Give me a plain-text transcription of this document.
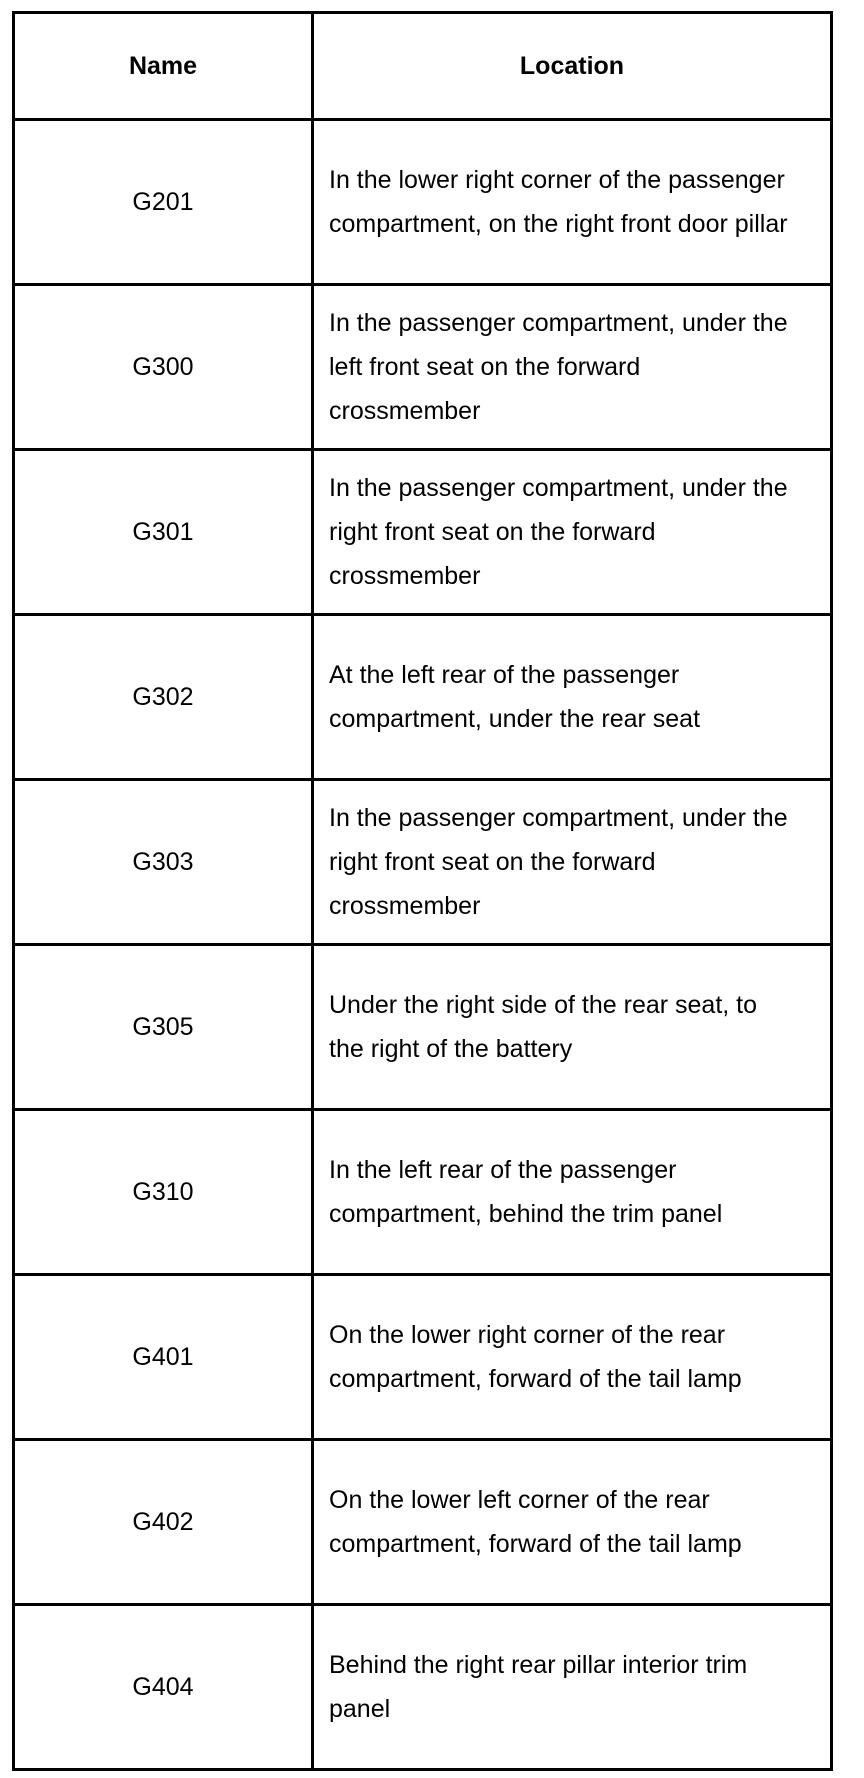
Name	Location
G201	In the lower right corner of the passenger compartment, on the right front door pillar
G300	In the passenger compartment, under the left front seat on the forward crossmember
G301	In the passenger compartment, under the right front seat on the forward crossmember
G302	At the left rear of the passenger compartment, under the rear seat
G303	In the passenger compartment, under the right front seat on the forward crossmember
G305	Under the right side of the rear seat, to the right of the battery
G310	In the left rear of the passenger compartment, behind the trim panel
G401	On the lower right corner of the rear compartment, forward of the tail lamp
G402	On the lower left corner of the rear compartment, forward of the tail lamp
G404	Behind the right rear pillar interior trim panel
